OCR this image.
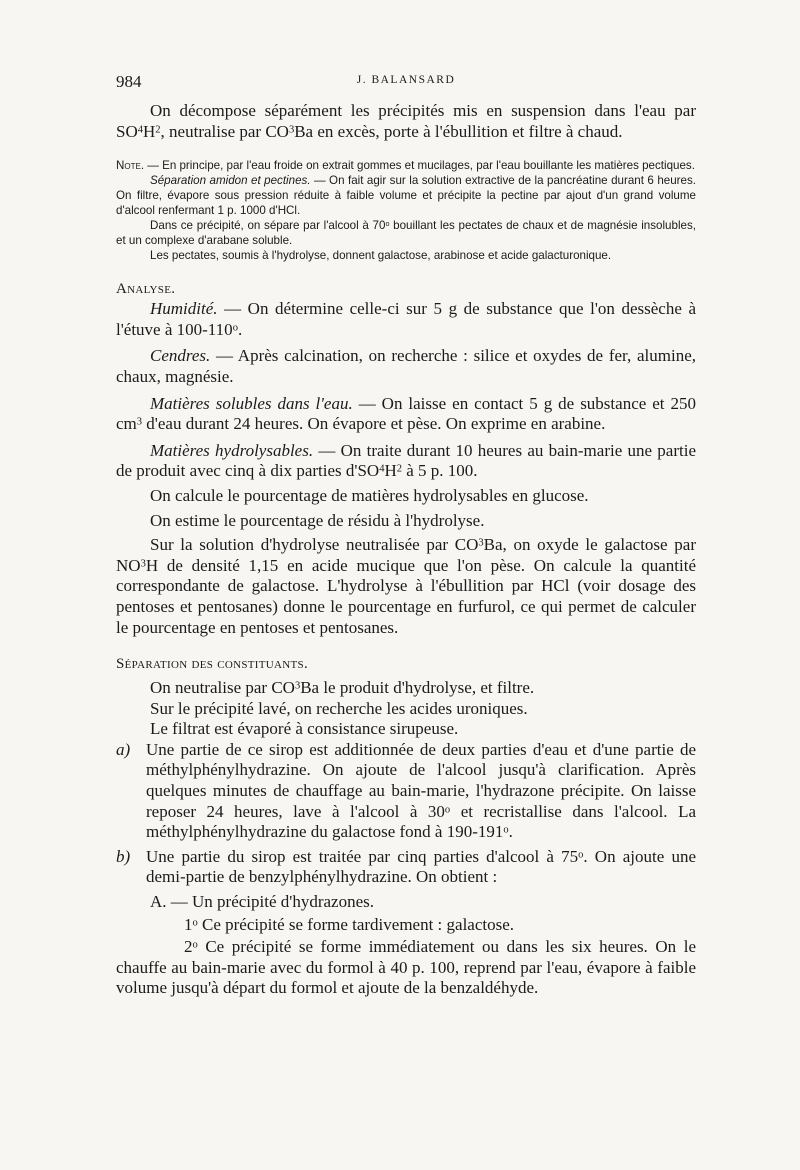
984	J. BALANSARD

On décompose séparément les précipités mis en suspension dans l'eau par $SO^4H^2$, neutralise par $CO^3Ba$ en excès, porte à l'ébullition et filtre à chaud.

Note. — En principe, par l'eau froide on extrait gommes et mucilages, par l'eau bouillante les matières pectiques.

Séparation amidon et pectines. — On fait agir sur la solution extractive de la pancréatine durant 6 heures. On filtre, évapore sous pression réduite à faible volume et précipite la pectine par ajout d'un grand volume d'alcool renfermant 1 p. 1000 d'HCl.

Dans ce précipité, on sépare par l'alcool à 70$^o$ bouillant les pectates de chaux et de magnésie insolubles, et un complexe d'arabane soluble.

Les pectates, soumis à l'hydrolyse, donnent galactose, arabinose et acide galacturonique.

Analyse.

Humidité. — On détermine celle-ci sur 5 g de substance que l'on dessèche à l'étuve à 100-110$^o$.

Cendres. — Après calcination, on recherche : silice et oxydes de fer, alumine, chaux, magnésie.

Matières solubles dans l'eau. — On laisse en contact 5 g de substance et 250 $cm^3$ d'eau durant 24 heures. On évapore et pèse. On exprime en arabine.

Matières hydrolysables. — On traite durant 10 heures au bain-marie une partie de produit avec cinq à dix parties $d'SO^4H^2$ à 5 p. 100.

On calcule le pourcentage de matières hydrolysables en glucose.

On estime le pourcentage de résidu à l'hydrolyse.

Sur la solution d'hydrolyse neutralisée par $CO^3Ba$, on oxyde le galactose par $NO^3H$ de densité 1,15 en acide mucique que l'on pèse. On calcule la quantité correspondante de galactose. L'hydrolyse à l'ébullition par HCl (voir dosage des pentoses et pentosanes) donne le pourcentage en furfurol, ce qui permet de calculer le pourcentage en pentoses et pentosanes.

Séparation des constituants.

On neutralise par $CO^3Ba$ le produit d'hydrolyse, et filtre.

Sur le précipité lavé, on recherche les acides uroniques.

Le filtrat est évaporé à consistance sirupeuse.

a) Une partie de ce sirop est additionnée de deux parties d'eau et d'une partie de méthylphénylhydrazine. On ajoute de l'alcool jusqu'à clarification. Après quelques minutes de chauffage au bain-marie, l'hydrazone précipite. On laisse reposer 24 heures, lave à l'alcool à 30$^o$ et recristallise dans l'alcool. La méthylphénylhydrazine du galactose fond à 190-191$^o$.

b) Une partie du sirop est traitée par cinq parties d'alcool à 75$^o$. On ajoute une demi-partie de benzylphénylhydrazine. On obtient :

A. — Un précipité d'hydrazones.

1$^o$ Ce précipité se forme tardivement : galactose.

2$^o$ Ce précipité se forme immédiatement ou dans les six heures. On le chauffe au bain-marie avec du formol à 40 p. 100, reprend par l'eau, évapore à faible volume jusqu'à départ du formol et ajoute de la benzaldéhyde.
